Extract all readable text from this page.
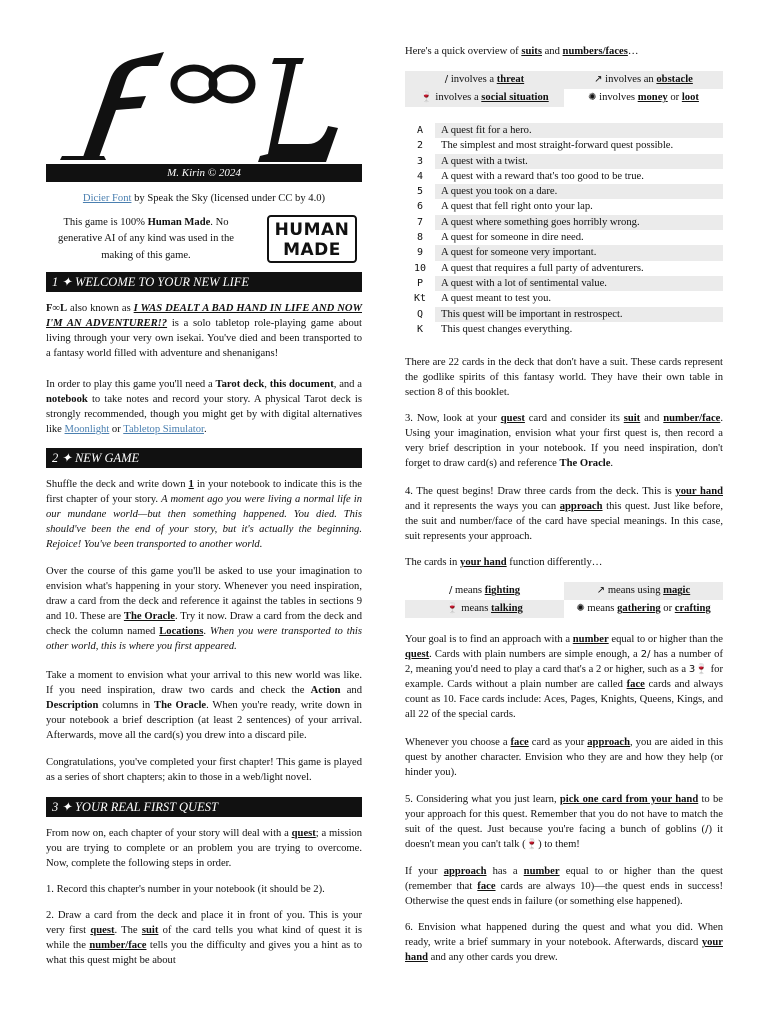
M. Kirin © 2024
Dicier Font by Speak the Sky (licensed under CC by 4.0)
This game is 100% Human Made. No generative AI of any kind was used in the making of this game.
HUMAN
MADE
1 ✦ WELCOME TO YOUR NEW LIFE
F∞L also known as I WAS DEALT A BAD HAND IN LIFE AND NOW I'M AN ADVENTURER!? is a solo tabletop role-playing game about living through your very own isekai. You've died and been transported to a fantasy world filled with adventure and shenanigans!
In order to play this game you'll need a Tarot deck, this document, and a notebook to take notes and record your story. A physical Tarot deck is strongly recommended, though you might get by with digital alternatives like Moonlight or Tabletop Simulator.
2 ✦ NEW GAME
Shuffle the deck and write down 1 in your notebook to indicate this is the first chapter of your story. A moment ago you were living a normal life in our mundane world—but then something happened. You died. This should've been the end of your story, but it's actually the beginning. Rejoice! You've been transported to another world.
Over the course of this game you'll be asked to use your imagination to envision what's happening in your story. Whenever you need inspiration, draw a card from the deck and reference it against the tables in sections 9 and 10. These are The Oracle. Try it now. Draw a card from the deck and check the column named Locations. When you were transported to this other world, this is where you first appeared.
Take a moment to envision what your arrival to this new world was like. If you need inspiration, draw two cards and check the Action and Description columns in The Oracle. When you're ready, write down in your notebook a brief description (at least 2 sentences) of your arrival. Afterwards, move all the card(s) you drew into a discard pile.
Congratulations, you've completed your first chapter! This game is played as a series of short chapters; akin to those in a web/light novel.
3 ✦ YOUR REAL FIRST QUEST
From now on, each chapter of your story will deal with a quest; a mission you are trying to complete or an problem you are trying to overcome. Now, complete the following steps in order.
1. Record this chapter's number in your notebook (it should be 2).
2. Draw a card from the deck and place it in front of you. This is your very first quest. The suit of the card tells you what kind of quest it is while the number/face tells you the difficulty and gives you a hint as to what this quest might be about
Here's a quick overview of suits and numbers/faces…
/ involves a threat	↗ involves an obstacle
🍷 involves a social situation	✺ involves money or loot
A	A quest fit for a hero.
2	The simplest and most straight-forward quest possible.
3	A quest with a twist.
4	A quest with a reward that's too good to be true.
5	A quest you took on a dare.
6	A quest that fell right onto your lap.
7	A quest where something goes horribly wrong.
8	A quest for someone in dire need.
9	A quest for someone very important.
10	A quest that requires a full party of adventurers.
P	A quest with a lot of sentimental value.
Kt	A quest meant to test you.
Q	This quest will be important in restrospect.
K	This quest changes everything.
There are 22 cards in the deck that don't have a suit. These cards represent the godlike spirits of this fantasy world. They have their own table in section 8 of this booklet.
3. Now, look at your quest card and consider its suit and number/face. Using your imagination, envision what your first quest is, then record a very brief description in your notebook. If you need inspiration, don't forget to draw card(s) and reference The Oracle.
4. The quest begins! Draw three cards from the deck. This is your hand and it represents the ways you can approach this quest. Just like before, the suit and number/face of the card have special meanings. In this case, suit represents your approach.
The cards in your hand function differently…
/ means fighting	↗ means using magic
🍷 means talking	✺ means gathering or crafting
Your goal is to find an approach with a number equal to or higher than the quest. Cards with plain numbers are simple enough, a 2/ has a number of 2, meaning you'd need to play a card that's a 2 or higher, such as a 3🍷 for example. Cards without a plain number are called face cards and always count as 10. Face cards include: Aces, Pages, Knights, Queens, Kings, and all 22 of the special cards.
Whenever you choose a face card as your approach, you are aided in this quest by another character. Envision who they are and how they help (or hinder you).
5. Considering what you just learn, pick one card from your hand to be your approach for this quest. Remember that you do not have to match the suit of the quest. Just because you're facing a bunch of goblins (/) it doesn't mean you can't talk (🍷) to them!
If your approach has a number equal to or higher than the quest (remember that face cards are always 10)—the quest ends in success! Otherwise the quest ends in failure (or something else happened).
6. Envision what happened during the quest and what you did. When ready, write a brief summary in your notebook. Afterwards, discard your hand and any other cards you drew.
